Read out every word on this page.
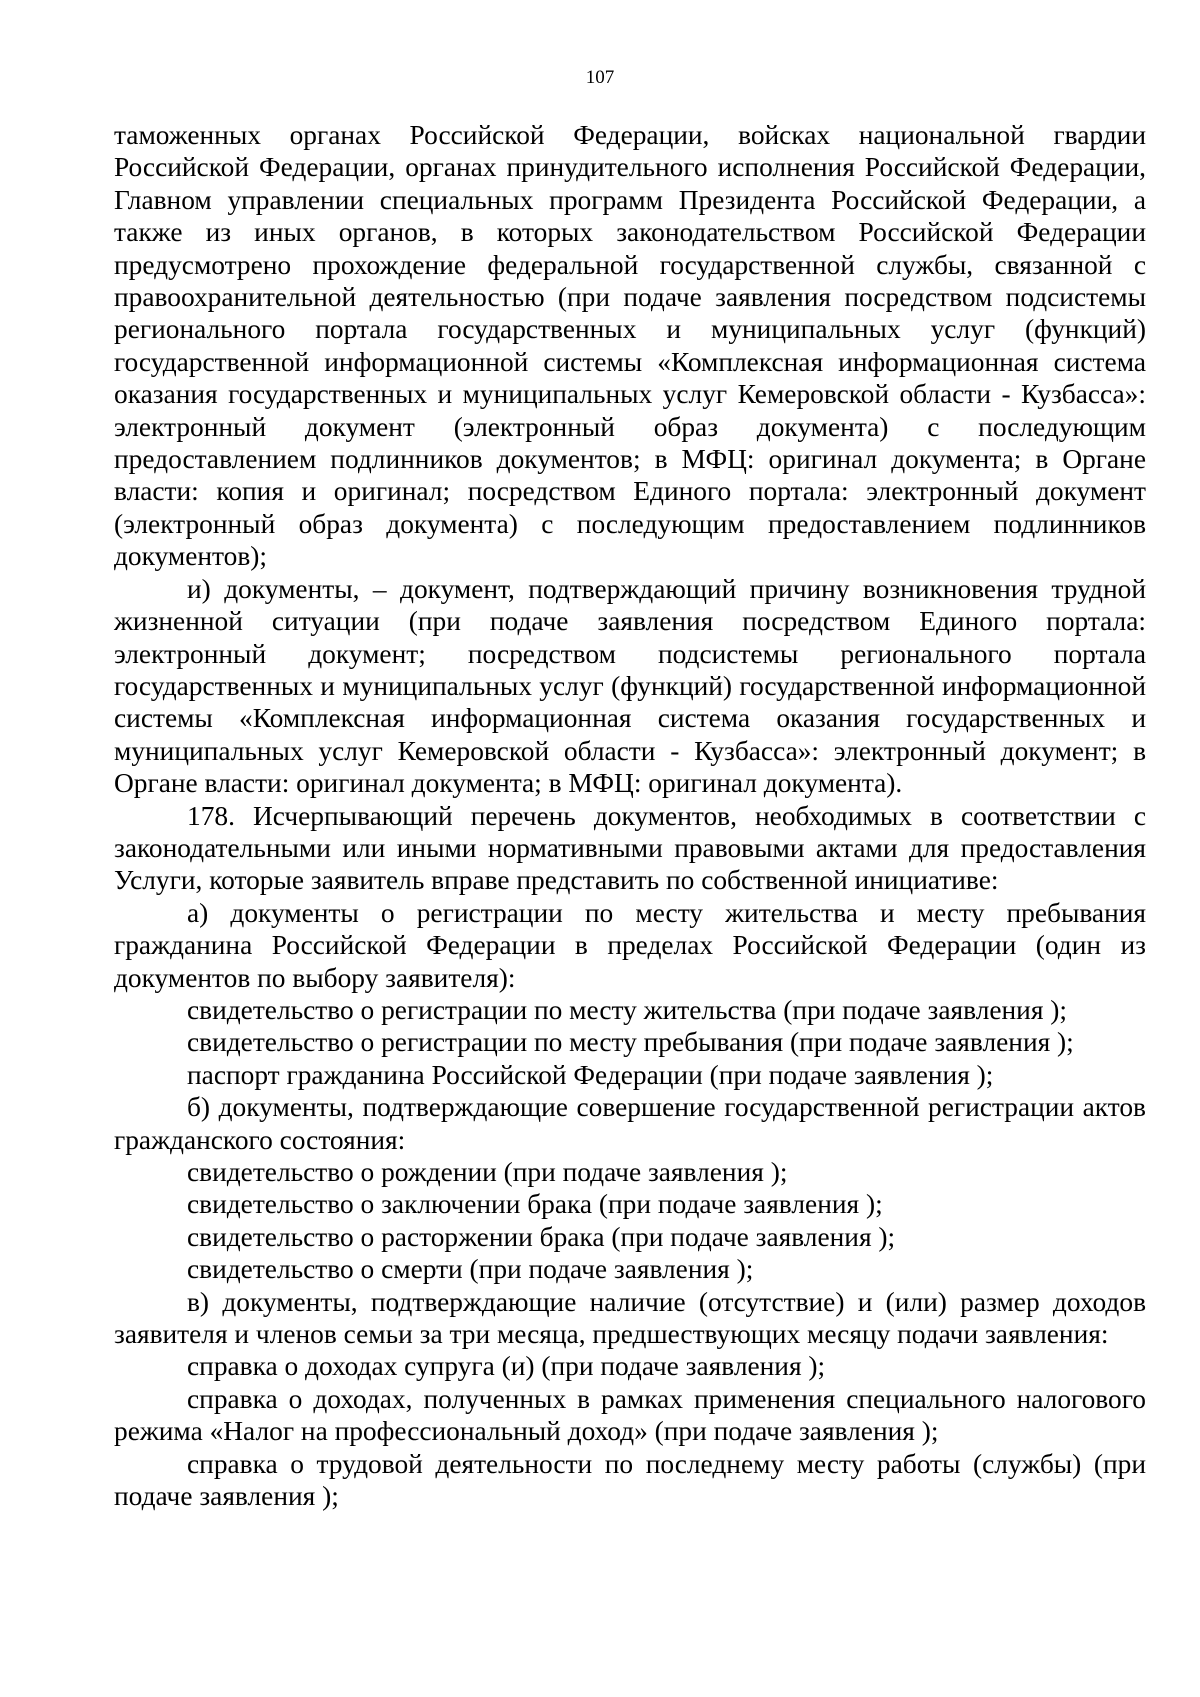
107

таможенных органах Российской Федерации, войсках национальной гвардии Российской Федерации, органах принудительного исполнения Российской Федерации, Главном управлении специальных программ Президента Российской Федерации, а также из иных органов, в которых законодательством Российской Федерации предусмотрено прохождение федеральной государственной службы, связанной с правоохранительной деятельностью (при подаче заявления посредством подсистемы регионального портала государственных и муниципальных услуг (функций) государственной информационной системы «Комплексная информационная система оказания государственных и муниципальных услуг Кемеровской области - Кузбасса»: электронный документ (электронный образ документа) с последующим предоставлением подлинников документов; в МФЦ: оригинал документа; в Органе власти: копия и оригинал; посредством Единого портала: электронный документ (электронный образ документа) с последующим предоставлением подлинников документов);

и) документы, – документ, подтверждающий причину возникновения трудной жизненной ситуации (при подаче заявления посредством Единого портала: электронный документ; посредством подсистемы регионального портала государственных и муниципальных услуг (функций) государственной информационной системы «Комплексная информационная система оказания государственных и муниципальных услуг Кемеровской области - Кузбасса»: электронный документ; в Органе власти: оригинал документа; в МФЦ: оригинал документа).

178. Исчерпывающий перечень документов, необходимых в соответствии с законодательными или иными нормативными правовыми актами для предоставления Услуги, которые заявитель вправе представить по собственной инициативе:

а) документы о регистрации по месту жительства и месту пребывания гражданина Российской Федерации в пределах Российской Федерации (один из документов по выбору заявителя):

свидетельство о регистрации по месту жительства (при подаче заявления );

свидетельство о регистрации по месту пребывания (при подаче заявления );

паспорт гражданина Российской Федерации (при подаче заявления );

б) документы, подтверждающие совершение государственной регистрации актов гражданского состояния:

свидетельство о рождении (при подаче заявления );

свидетельство о заключении брака (при подаче заявления );

свидетельство о расторжении брака (при подаче заявления );

свидетельство о смерти (при подаче заявления );

в) документы, подтверждающие наличие (отсутствие) и (или) размер доходов заявителя и членов семьи за три месяца, предшествующих месяцу подачи заявления:

справка о доходах супруга (и) (при подаче заявления );

справка о доходах, полученных в рамках применения специального налогового режима «Налог на профессиональный доход» (при подаче заявления );

справка о трудовой деятельности по последнему месту работы (службы) (при подаче заявления );
